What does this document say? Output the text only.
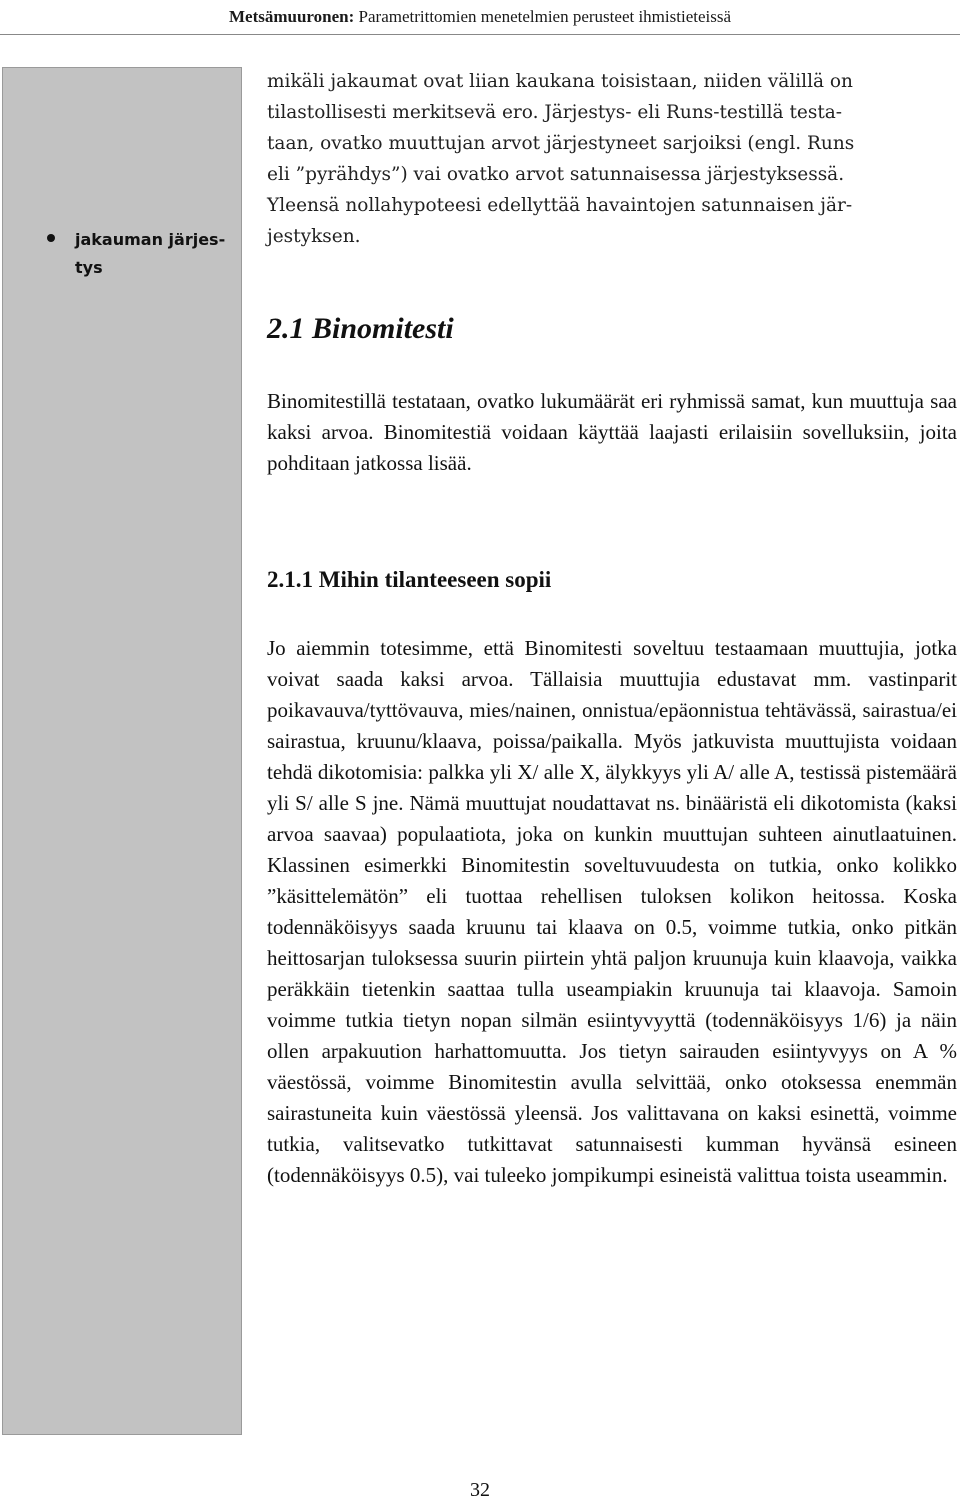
Metsämuuronen: Parametrittomien menetelmien perusteet ihmistieteissä
jakauman järjes-tys
mikäli jakaumat ovat liian kaukana toisistaan, niiden välillä on
tilastollisesti merkitsevä ero. Järjestys- eli Runs-testillä testa-
taan, ovatko muuttujan arvot järjestyneet sarjoiksi (engl. Runs
eli ”pyrähdys”) vai ovatko arvot satunnaisessa järjestyksessä.
Yleensä nollahypoteesi edellyttää havaintojen satunnaisen jär-
jestyksen.
2.1 Binomitesti
Binomitestillä testataan, ovatko lukumäärät eri ryhmissä samat, kun muuttuja saa kaksi arvoa. Binomitestiä voidaan käyttää laajasti erilaisiin sovelluksiin, joita pohditaan jatkossa lisää.
2.1.1 Mihin tilanteeseen sopii
Jo aiemmin totesimme, että Binomitesti soveltuu testaamaan muuttujia, jotka voivat saada kaksi arvoa. Tällaisia muuttujia edustavat mm. vastinparit poikavauva/tyttövauva, mies/nainen, onnistua/epäonnistua tehtävässä, sairastua/ei sairastua, kruunu/klaava, poissa/paikalla. Myös jatkuvista muuttujista voidaan tehdä dikotomisia: palkka yli X/ alle X, älykkyys yli A/ alle A, testissä pistemäärä yli S/ alle S jne. Nämä muuttujat noudattavat ns. binääristä eli dikotomista (kaksi arvoa saavaa) populaatiota, joka on kunkin muuttujan suhteen ainutlaatuinen. Klassinen esimerkki Binomitestin soveltuvuudesta on tutkia, onko kolikko ”käsittelemätön” eli tuottaa rehellisen tuloksen kolikon heitossa. Koska todennäköisyys saada kruunu tai klaava on 0.5, voimme tutkia, onko pitkän heittosarjan tuloksessa suurin piirtein yhtä paljon kruunuja kuin klaavoja, vaikka peräkkäin tietenkin saattaa tulla useampiakin kruunuja tai klaavoja. Samoin voimme tutkia tietyn nopan silmän esiintyvyyttä (todennäköisyys 1/6) ja näin ollen arpakuution harhattomuutta. Jos tietyn sairauden esiintyvyys on A % väestössä, voimme Binomitestin avulla selvittää, onko otoksessa enemmän sairastuneita kuin väestössä yleensä. Jos valittavana on kaksi esinettä, voimme tutkia, valitsevatko tutkittavat satunnaisesti kumman hyvänsä esineen (todennäköisyys 0.5), vai tuleeko jompikumpi esineistä valittua toista useammin.
32
